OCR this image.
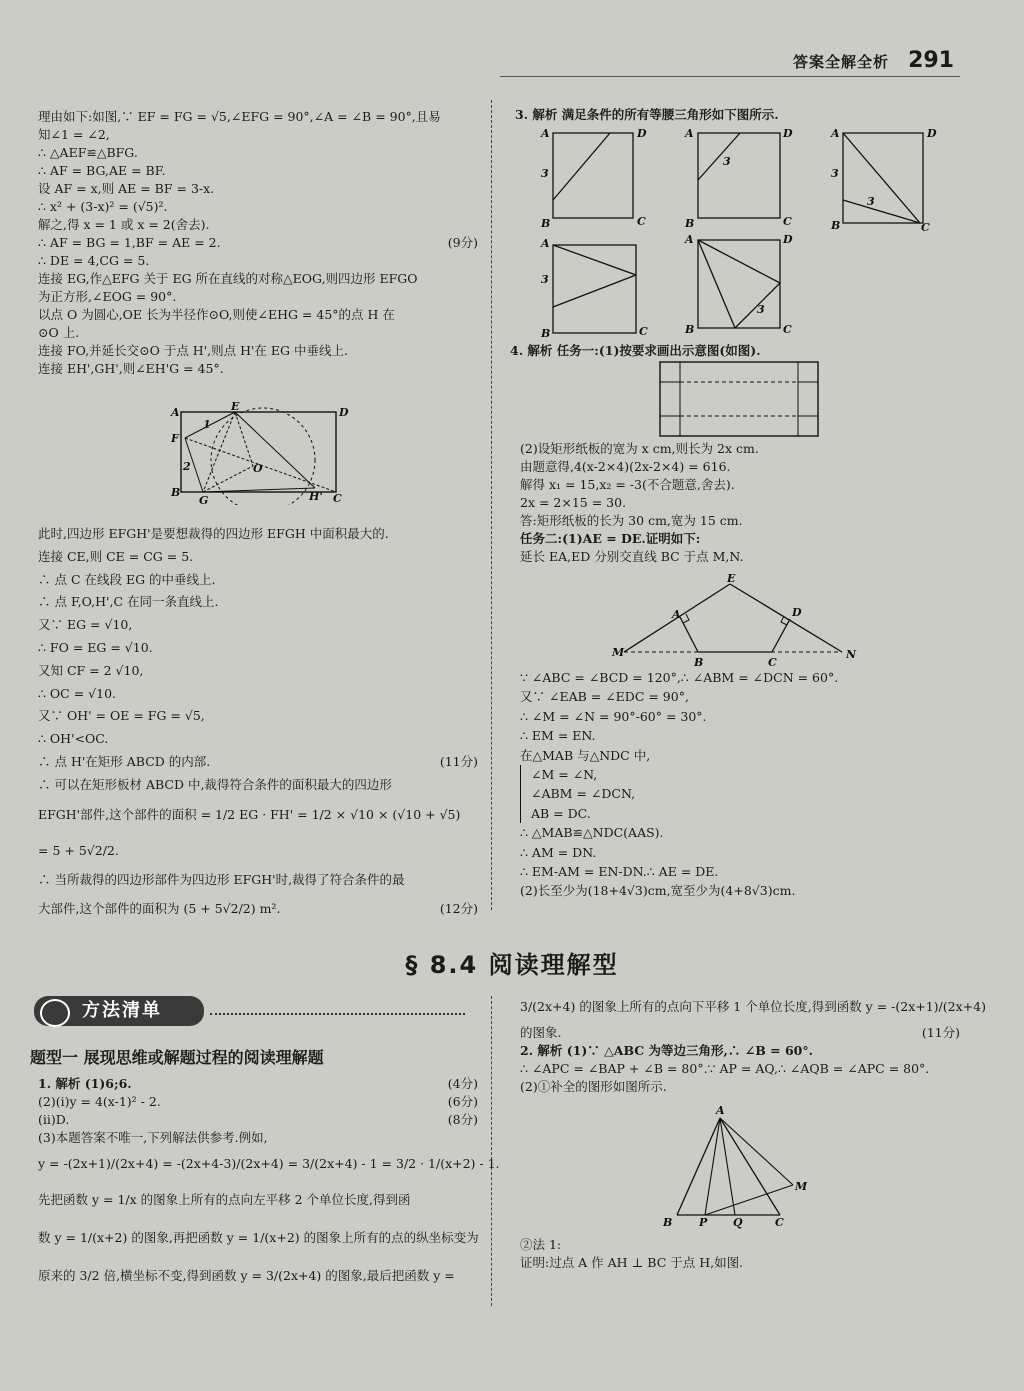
答案全解全析 291
理由如下:如图,∵ EF = FG = √5,∠EFG = 90°,∠A = ∠B = 90°,且易
知∠1 = ∠2,
∴ △AEF≌△BFG.
∴ AF = BG,AE = BF.
设 AF = x,则 AE = BF = 3-x.
∴ x² + (3-x)² = (√5)².
解之,得 x = 1 或 x = 2(舍去).
∴ AF = BG = 1,BF = AE = 2.	(9分)
∴ DE = 4,CG = 5.
连接 EG,作△EFG 关于 EG 所在直线的对称△EOG,则四边形 EFGO
为正方形,∠EOG = 90°.
以点 O 为圆心,OE 长为半径作⊙O,则使∠EHG = 45°的点 H 在
⊙O 上.
连接 FO,并延长交⊙O 于点 H',则点 H'在 EG 中垂线上.
连接 EH',GH',则∠EH'G = 45°.
A	E	D
F
1
2	O
B
G	H' C
此时,四边形 EFGH'是要想裁得的四边形 EFGH 中面积最大的.
连接 CE,则 CE = CG = 5.
∴ 点 C 在线段 EG 的中垂线上.
∴ 点 F,O,H',C 在同一条直线上.
又∵ EG = √10,
∴ FO = EG = √10.
又知 CF = 2 √10,
∴ OC = √10.
又∵ OH' = OE = FG = √5,
∴ OH'<OC.
∴ 点 H'在矩形 ABCD 的内部.	(11分)
∴ 可以在矩形板材 ABCD 中,裁得符合条件的面积最大的四边形
EFGH'部件,这个部件的面积 = 1/2 EG · FH' = 1/2 × √10 × (√10 + √5)
= 5 + 5√2/2.
∴ 当所裁得的四边形部件为四边形 EFGH'时,裁得了符合条件的最
大部件,这个部件的面积为 (5 + 5√2/2) m².	(12分)
3. 解析 满足条件的所有等腰三角形如下图所示.
A	D
3
B	C
A	D
3
B	C
A	D
3
3
B	C
A
3
B	C
A	D
3
B	C
4. 解析 任务一:(1)按要求画出示意图(如图).
(2)设矩形纸板的宽为 x cm,则长为 2x cm.
由题意得,4(x-2×4)(2x-2×4) = 616.
解得 x₁ = 15,x₂ = -3(不合题意,舍去).
2x = 2×15 = 30.
答:矩形纸板的长为 30 cm,宽为 15 cm.
任务二:(1)AE = DE.证明如下:
延长 EA,ED 分别交直线 BC 于点 M,N.
E
A	D
M	N
B	C
∵ ∠ABC = ∠BCD = 120°,∴ ∠ABM = ∠DCN = 60°.
又∵ ∠EAB = ∠EDC = 90°,
∴ ∠M = ∠N = 90°-60° = 30°.
∴ EM = EN.
在△MAB 与△NDC 中,
∠M = ∠N,
∠ABM = ∠DCN,
AB = DC.
∴ △MAB≌△NDC(AAS).
∴ AM = DN.
∴ EM-AM = EN-DN.∴ AE = DE.
(2)长至少为(18+4√3)cm,宽至少为(4+8√3)cm.
§ 8.4 阅读理解型
方法清单
题型一 展现思维或解题过程的阅读理解题
1. 解析 (1)6;6.	(4分)
(2)(i)y = 4(x-1)² - 2.	(6分)
(ii)D.	(8分)
(3)本题答案不唯一,下列解法供参考.例如,
y = -(2x+1)/(2x+4) = -(2x+4-3)/(2x+4) = 3/(2x+4) - 1 = 3/2 · 1/(x+2) - 1.
先把函数 y = 1/x 的图象上所有的点向左平移 2 个单位长度,得到函
数 y = 1/(x+2) 的图象,再把函数 y = 1/(x+2) 的图象上所有的点的纵坐标变为
原来的 3/2 倍,横坐标不变,得到函数 y = 3/(2x+4) 的图象,最后把函数 y =
3/(2x+4) 的图象上所有的点向下平移 1 个单位长度,得到函数 y = -(2x+1)/(2x+4)
的图象.	(11分)
2. 解析 (1)∵ △ABC 为等边三角形,∴ ∠B = 60°.
∴ ∠APC = ∠BAP + ∠B = 80°.∵ AP = AQ,∴ ∠AQB = ∠APC = 80°.
(2)①补全的图形如图所示.
A
B P Q	C
M
②法 1:
证明:过点 A 作 AH ⊥ BC 于点 H,如图.
